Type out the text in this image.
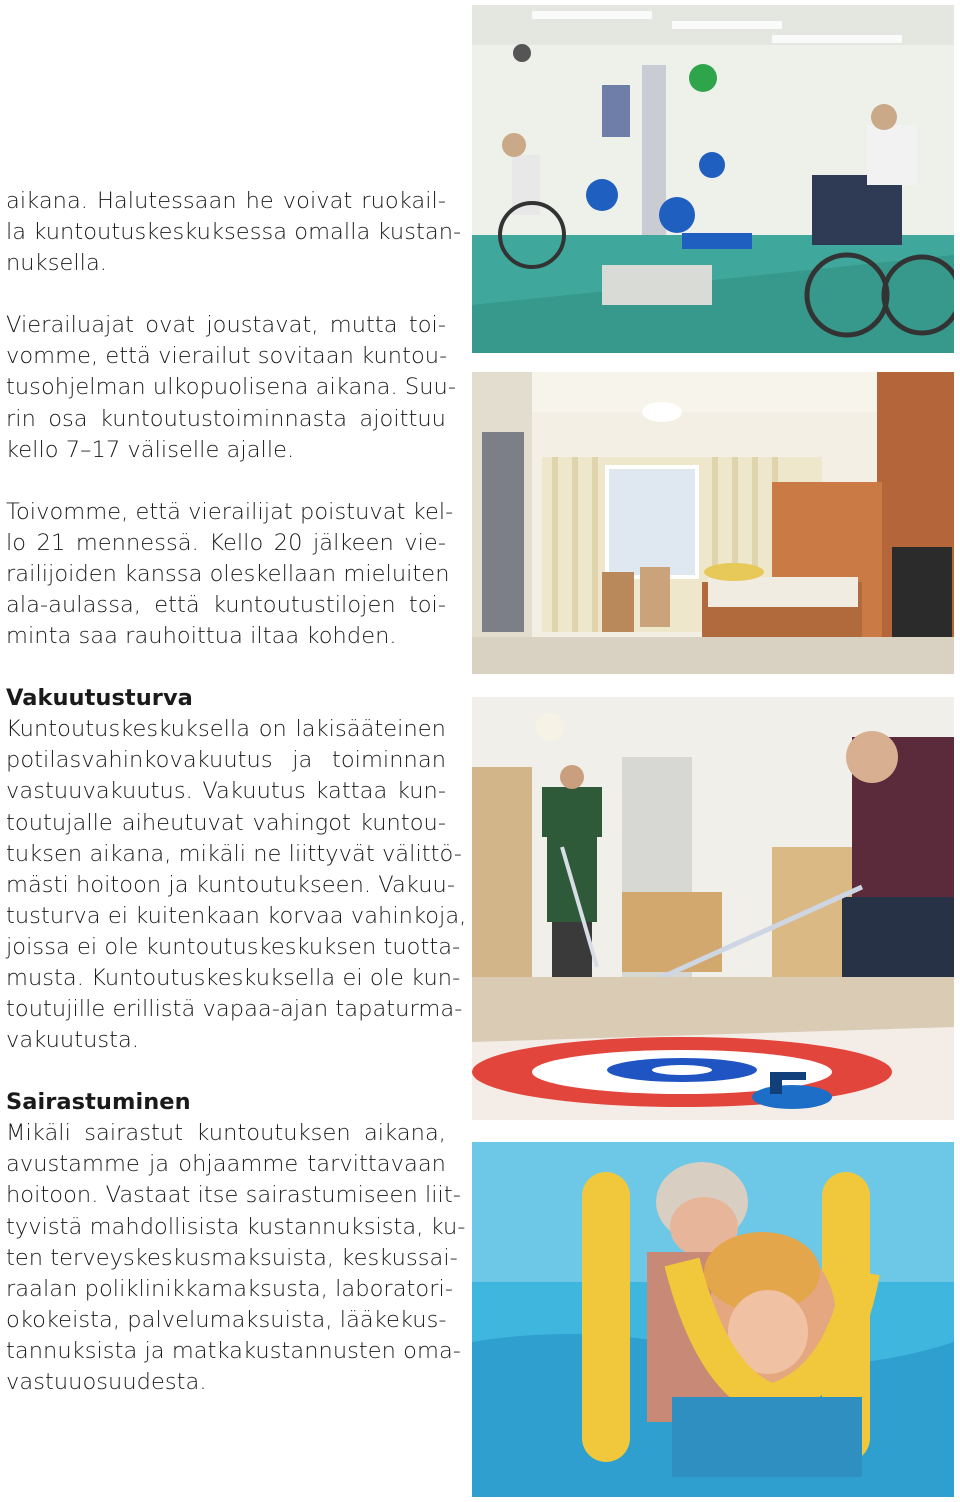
aikana. Halutessaan he voivat ruokail-
la kuntoutuskeskuksessa omalla kustan-
nuksella.
Vierailuajat ovat joustavat, mutta toi-
vomme, että vierailut sovitaan kuntou-
tusohjelman ulkopuolisena aikana. Suu-
rin osa kuntoutustoiminnasta ajoittuu
kello 7–17 väliselle ajalle.
Toivomme, että vierailijat poistuvat kel-
lo 21 mennessä. Kello 20 jälkeen vie-
railijoiden kanssa oleskellaan mieluiten
ala-aulassa, että kuntoutustilojen toi-
minta saa rauhoittua iltaa kohden.
Vakuutusturva
Kuntoutuskeskuksella on lakisääteinen
potilasvahinkovakuutus ja toiminnan
vastuuvakuutus. Vakuutus kattaa kun-
toutujalle aiheutuvat vahingot kuntou-
tuksen aikana, mikäli ne liittyvät välittö-
mästi hoitoon ja kuntoutukseen. Vakuu-
tusturva ei kuitenkaan korvaa vahinkoja,
joissa ei ole kuntoutuskeskuksen tuotta-
musta. Kuntoutuskeskuksella ei ole kun-
toutujille erillistä vapaa-ajan tapaturma-
vakuutusta.
Sairastuminen
Mikäli sairastut kuntoutuksen aikana,
avustamme ja ohjaamme tarvittavaan
hoitoon. Vastaat itse sairastumiseen liit-
tyvistä mahdollisista kustannuksista, ku-
ten terveyskeskusmaksuista, keskussai-
raalan poliklinikkamaksusta, laboratori-
okokeista, palvelumaksuista, lääkekus-
tannuksista ja matkakustannusten oma-
vastuuosuudesta.
